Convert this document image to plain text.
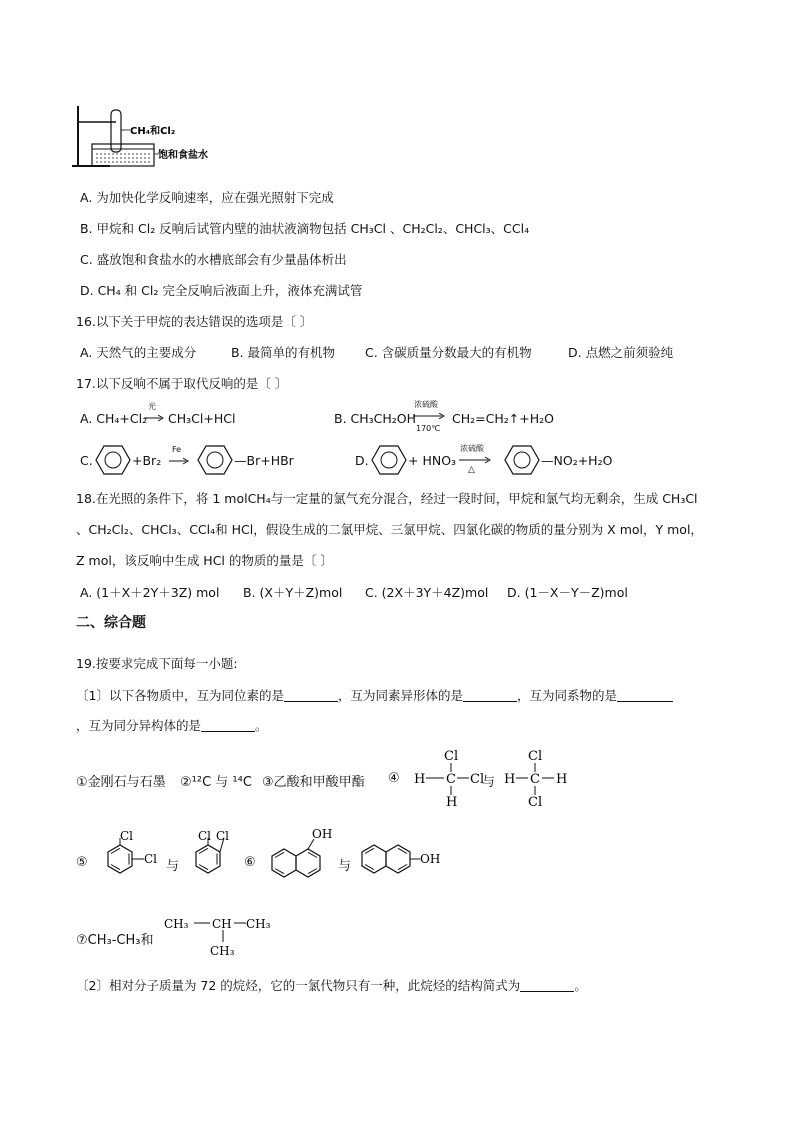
CH₄和Cl₂
饱和食盐水
A. 为加快化学反响速率，应在强光照射下完成
B. 甲烷和 Cl₂ 反响后试管内壁的油状液滴物包括 CH₃Cl 、CH₂Cl₂、CHCl₃、CCl₄
C. 盛放饱和食盐水的水槽底部会有少量晶体析出
D. CH₄ 和 Cl₂ 完全反响后液面上升，液体充满试管
16.以下关于甲烷的表达错误的选项是〔 〕
A. 天然气的主要成分	B. 最简单的有机物 C. 含碳质量分数最大的有机物	D. 点燃之前须验纯
17.以下反响不属于取代反响的是〔 〕
A. CH₄+Cl₂
光
CH₃Cl+HCl	B. CH₃CH₂OH
浓硫酸
170℃
CH₂=CH₂↑+H₂O
C.	+Br₂
Fe
—Br+HBr	D.	+ HNO₃
浓硫酸
△
—NO₂+H₂O
18.在光照的条件下，将 1 molCH₄与一定量的氯气充分混合，经过一段时间，甲烷和氯气均无剩余，生成 CH₃Cl
、CH₂Cl₂、CHCl₃、CCl₄和 HCl，假设生成的二氯甲烷、三氯甲烷、四氯化碳的物质的量分别为 X mol，Y mol，
Z mol，该反响中生成 HCl 的物质的量是〔 〕
A. (1＋X＋2Y＋3Z) mol B. (X＋Y＋Z)mol C. (2X＋3Y＋4Z)mol D. (1－X－Y－Z)mol
二、综合题
19.按要求完成下面每一小题:
〔1〕以下各物质中，互为同位素的是	，互为同素异形体的是	，互为同系物的是
，互为同分异构体的是	。
①金刚石与石墨 ②¹²C 与 ¹⁴C ③乙酸和甲酸甲酯 ④
Cl
H C Cl
H
与
Cl
H C H
Cl
⑤
Cl
Cl 与
Cl Cl
⑥
OH
与	OH
⑦CH₃-CH₃和
CH₃ CH CH₃
CH₃
〔2〕相对分子质量为 72 的烷烃，它的一氯代物只有一种，此烷烃的结构简式为	。
